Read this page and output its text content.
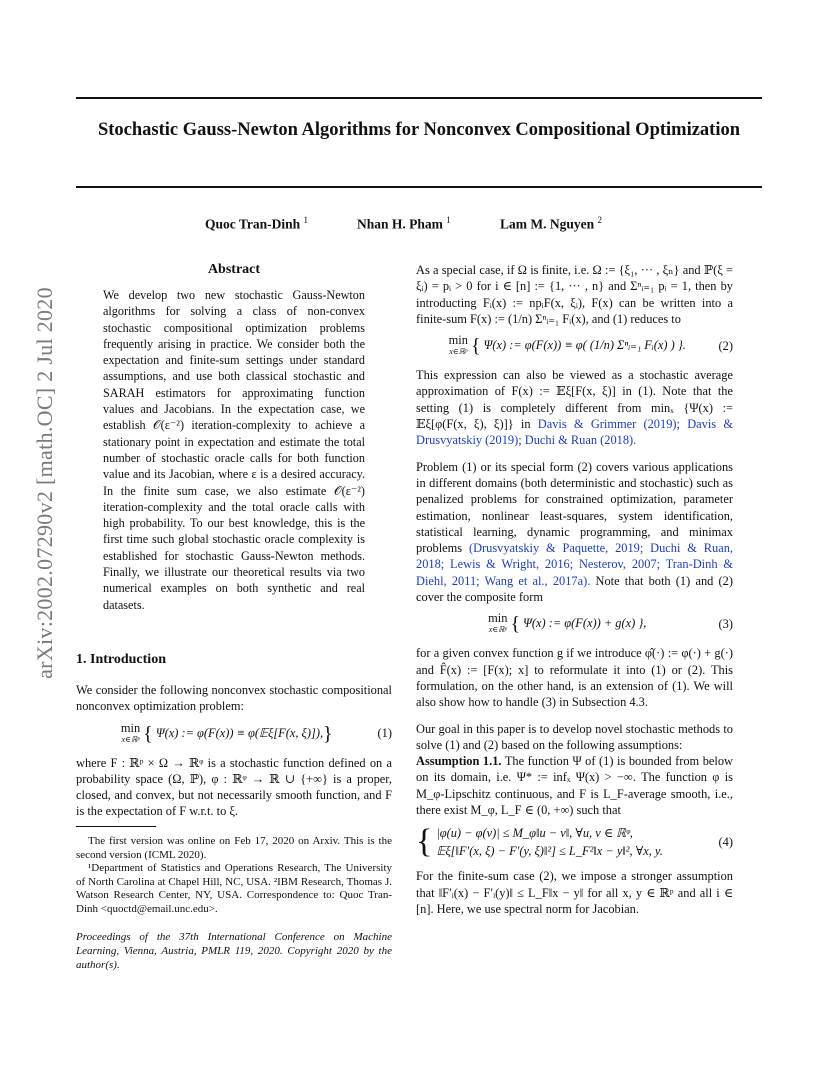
Stochastic Gauss-Newton Algorithms for Nonconvex Compositional Optimization
Quoc Tran-Dinh $^1$	Nhan H. Pham $^1$	Lam M. Nguyen $^2$
arXiv:2002.07290v2 [math.OC] 2 Jul 2020
Abstract
We develop two new stochastic Gauss-Newton algorithms for solving a class of non-convex stochastic compositional optimization problems frequently arising in practice. We consider both the expectation and finite-sum settings under standard assumptions, and use both classical stochastic and SARAH estimators for approximating function values and Jacobians. In the expectation case, we establish 𝒪(ε⁻²) iteration-complexity to achieve a stationary point in expectation and estimate the total number of stochastic oracle calls for both function value and its Jacobian, where ε is a desired accuracy. In the finite sum case, we also estimate 𝒪(ε⁻²) iteration-complexity and the total oracle calls with high probability. To our best knowledge, this is the first time such global stochastic oracle complexity is established for stochastic Gauss-Newton methods. Finally, we illustrate our theoretical results via two numerical examples on both synthetic and real datasets.
1. Introduction

We consider the following nonconvex stochastic compositional nonconvex optimization problem:

min
x∈ℝᵖ { Ψ(x) := φ(F(x)) ≡ φ(𝔼ξ[F(x, ξ)]),}	(1)

where F : ℝᵖ × Ω → ℝᵠ is a stochastic function defined on a probability space (Ω, ℙ), φ : ℝᵠ → ℝ ∪ {+∞} is a proper, closed, and convex, but not necessarily smooth function, and F is the expectation of F w.r.t. to ξ.

The first version was online on Feb 17, 2020 on Arxiv. This is the second version (ICML 2020).

¹Department of Statistics and Operations Research, The University of North Carolina at Chapel Hill, NC, USA. ²IBM Research, Thomas J. Watson Research Center, NY, USA. Correspondence to: Quoc Tran-Dinh <quoctd@email.unc.edu>.

Proceedings of the 37th International Conference on Machine Learning, Vienna, Austria, PMLR 119, 2020. Copyright 2020 by the author(s).

As a special case, if Ω is finite, i.e. Ω := {ξ₁, ··· , ξₙ} and ℙ(ξ = ξᵢ) = pᵢ > 0 for i ∈ [n] := {1, ··· , n} and Σⁿᵢ₌₁ pᵢ = 1, then by introducting Fᵢ(x) := npᵢF(x, ξᵢ), F(x) can be written into a finite-sum F(x) := (1/n) Σⁿᵢ₌₁ Fᵢ(x), and (1) reduces to

min
x∈ℝᵖ { Ψ(x) := φ(F(x)) ≡ φ( (1/n) Σⁿᵢ₌₁ Fᵢ(x) ) }.	(2)

This expression can also be viewed as a stochastic average approximation of F(x) := 𝔼ξ[F(x, ξ)] in (1). Note that the setting (1) is completely different from minₓ {Ψ(x) := 𝔼ξ[φ(F(x, ξ), ξ)]} in Davis & Grimmer (2019); Davis & Drusvyatskiy (2019); Duchi & Ruan (2018).

Problem (1) or its special form (2) covers various applications in different domains (both deterministic and stochastic) such as penalized problems for constrained optimization, parameter estimation, nonlinear least-squares, system identification, statistical learning, dynamic programming, and minimax problems (Drusvyatskiy & Paquette, 2019; Duchi & Ruan, 2018; Lewis & Wright, 2016; Nesterov, 2007; Tran-Dinh & Diehl, 2011; Wang et al., 2017a). Note that both (1) and (2) cover the composite form

min
x∈ℝᵖ { Ψ(x) := φ(F(x)) + g(x) },	(3)

for a given convex function g if we introduce φ̂(·) := φ(·) + g(·) and F̂(x) := [F(x); x] to reformulate it into (1) or (2). This formulation, on the other hand, is an extension of (1). We will also show how to handle (3) in Subsection 4.3.

Our goal in this paper is to develop novel stochastic methods to solve (1) and (2) based on the following assumptions:

Assumption 1.1. The function Ψ of (1) is bounded from below on its domain, i.e. Ψ* := infₓ Ψ(x) > −∞. The function φ is M_φ-Lipschitz continuous, and F is L_F-average smooth, i.e., there exist M_φ, L_F ∈ (0, +∞) such that

{ |φ(u) − φ(v)| ≤ M_φ‖u − v‖, ∀u, v ∈ ℝᵠ,
𝔼ξ[‖F′(x, ξ) − F′(y, ξ)‖²] ≤ L_F²‖x − y‖², ∀x, y.
(4)

For the finite-sum case (2), we impose a stronger assumption that ‖F′ᵢ(x) − F′ᵢ(y)‖ ≤ L_F‖x − y‖ for all x, y ∈ ℝᵖ and all i ∈ [n]. Here, we use spectral norm for Jacobian.
